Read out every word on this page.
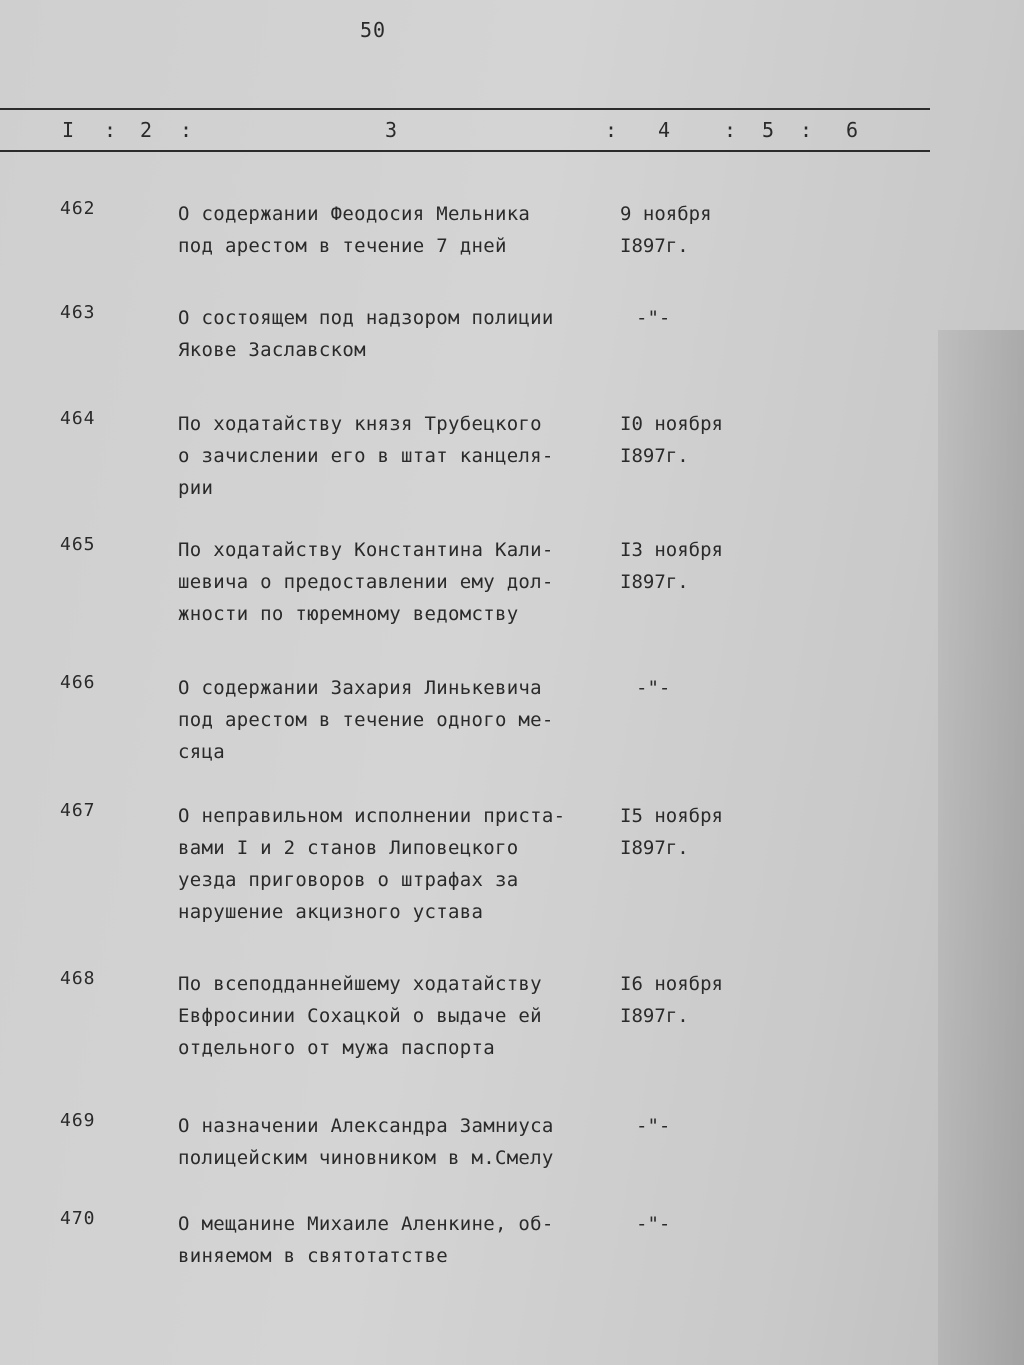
50
I : 2 :	3	: 4	: 5 : 6
462	О содержании Феодосия Мельника
под арестом в течение 7 дней
9 ноября
I897г.
463	О состоящем под надзором полиции
Якове Заславском
-"-
464	По ходатайству князя Трубецкого
о зачислении его в штат канцеля-
рии
I0 ноября
I897г.
465	По ходатайству Константина Кали-
шевича о предоставлении ему дол-
жности по тюремному ведомству
I3 ноября
I897г.
466	О содержании Захария Линькевича
под арестом в течение одного ме-
сяца
-"-
467	О неправильном исполнении приста-
вами I и 2 станов Липовецкого
уезда приговоров о штрафах за
нарушение акцизного устава
I5 ноября
I897г.
468	По всеподданнейшему ходатайству
Евфросинии Сохацкой о выдаче ей
отдельного от мужа паспорта
I6 ноября
I897г.
469	О назначении Александра Замниуса
полицейским чиновником в м.Смелу
-"-
470	О мещанине Михаиле Аленкине, об-
виняемом в святотатстве
-"-
